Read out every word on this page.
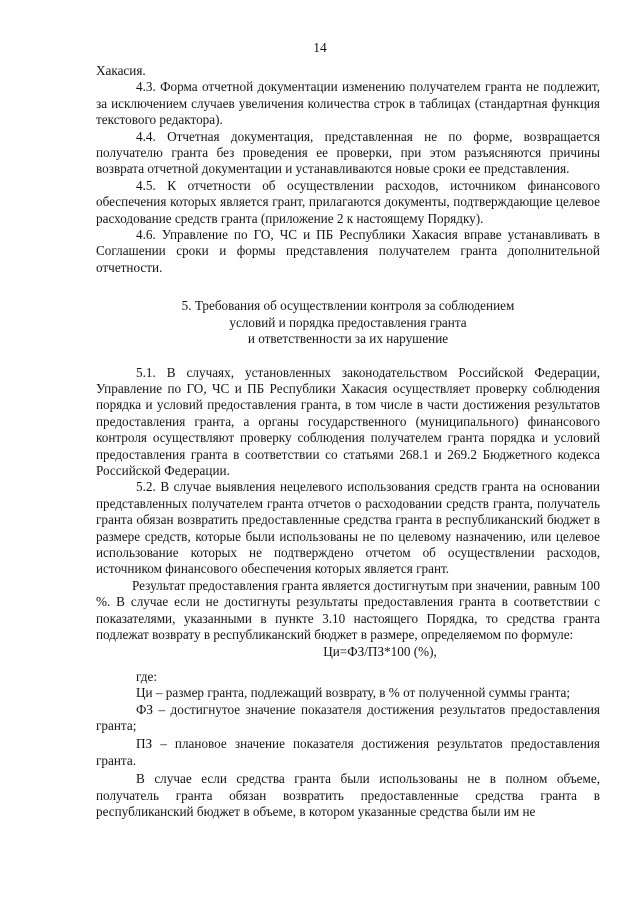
14

Хакасия.

4.3. Форма отчетной документации изменению получателем гранта не подлежит, за исключением случаев увеличения количества строк в таблицах (стандартная функция текстового редактора).

4.4. Отчетная документация, представленная не по форме, возвращается получателю гранта без проведения ее проверки, при этом разъясняются причины возврата отчетной документации и устанавливаются новые сроки ее представления.

4.5. К отчетности об осуществлении расходов, источником финансового обеспечения которых является грант, прилагаются документы, подтверждающие целевое расходование средств гранта (приложение 2 к настоящему Порядку).

4.6. Управление по ГО, ЧС и ПБ Республики Хакасия вправе устанавливать в Соглашении сроки и формы представления получателем гранта дополнительной отчетности.

5. Требования об осуществлении контроля за соблюдением
условий и порядка предоставления гранта
и ответственности за их нарушение

5.1. В случаях, установленных законодательством Российской Федерации, Управление по ГО, ЧС и ПБ Республики Хакасия осуществляет проверку соблюдения порядка и условий предоставления гранта, в том числе в части достижения результатов предоставления гранта, а органы государственного (муниципального) финансового контроля осуществляют проверку соблюдения получателем гранта порядка и условий предоставления гранта в соответствии со статьями 268.1 и 269.2 Бюджетного кодекса Российской Федерации.

5.2. В случае выявления нецелевого использования средств гранта на основании представленных получателем гранта отчетов о расходовании средств гранта, получатель гранта обязан возвратить предоставленные средства гранта в республиканский бюджет в размере средств, которые были использованы не по целевому назначению, или целевое использование которых не подтверждено отчетом об осуществлении расходов, источником финансового обеспечения которых является грант.

Результат предоставления гранта является достигнутым при значении, равным 100 %. В случае если не достигнуты результаты предоставления гранта в соответствии с показателями, указанными в пункте 3.10 настоящего Порядка, то средства гранта подлежат возврату в республиканский бюджет в размере, определяемом по формуле:

Ци=ФЗ/ПЗ*100 (%),
где:

Ци – размер гранта, подлежащий возврату, в % от полученной суммы гранта;

ФЗ – достигнутое значение показателя достижения результатов предоставления гранта;

ПЗ – плановое значение показателя достижения результатов предоставления гранта.

В случае если средства гранта были использованы не в полном объеме, получатель гранта обязан возвратить предоставленные средства гранта в республиканский бюджет в объеме, в котором указанные средства были им не
